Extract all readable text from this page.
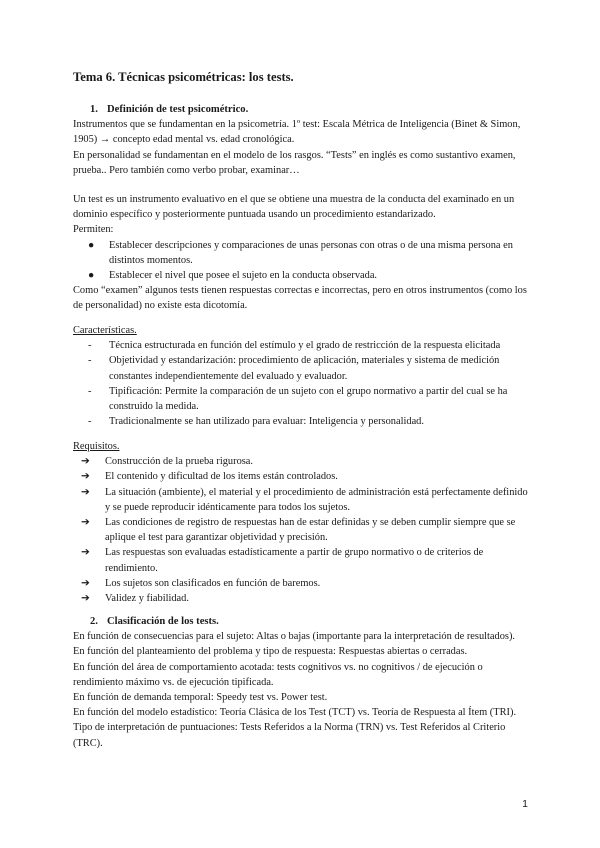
Tema 6. Técnicas psicométricas: los tests.

1. Definición de test psicométrico.

Instrumentos que se fundamentan en la psicometría. 1º test: Escala Métrica de Inteligencia (Binet & Simon, 1905) → concepto edad mental vs. edad cronológica.

En personalidad se fundamentan en el modelo de los rasgos. “Tests” en inglés es como sustantivo examen, prueba.. Pero también como verbo probar, examinar…

Un test es un instrumento evaluativo en el que se obtiene una muestra de la conducta del examinado en un dominio específico y posteriormente puntuada usando un procedimiento estandarizado.

Permiten:

● Establecer descripciones y comparaciones de unas personas con otras o de una misma persona en distintos momentos.
● Establecer el nivel que posee el sujeto en la conducta observada.

Como “examen” algunos tests tienen respuestas correctas e incorrectas, pero en otros instrumentos (como los de personalidad) no existe esta dicotomía.

Características.

- Técnica estructurada en función del estímulo y el grado de restricción de la respuesta elicitada
- Objetividad y estandarización: procedimiento de aplicación, materiales y sistema de medición constantes independientemente del evaluado y evaluador.
- Tipificación: Permite la comparación de un sujeto con el grupo normativo a partir del cual se ha construido la medida.
- Tradicionalmente se han utilizado para evaluar: Inteligencia y personalidad.

Requisitos.

➔ Construcción de la prueba rigurosa.
➔ El contenido y dificultad de los items están controlados.
➔ La situación (ambiente), el material y el procedimiento de administración está perfectamente definido y se puede reproducir idénticamente para todos los sujetos.
➔ Las condiciones de registro de respuestas han de estar definidas y se deben cumplir siempre que se aplique el test para garantizar objetividad y precisión.
➔ Las respuestas son evaluadas estadísticamente a partir de grupo normativo o de criterios de rendimiento.
➔ Los sujetos son clasificados en función de baremos.
➔ Validez y fiabilidad.

2. Clasificación de los tests.

En función de consecuencias para el sujeto: Altas o bajas (importante para la interpretación de resultados).

En función del planteamiento del problema y tipo de respuesta: Respuestas abiertas o cerradas.

En función del área de comportamiento acotada: tests cognitivos vs. no cognitivos / de ejecución o rendimiento máximo vs. de ejecución tipificada.

En función de demanda temporal: Speedy test vs. Power test.

En función del modelo estadístico: Teoría Clásica de los Test (TCT) vs. Teoría de Respuesta al Ítem (TRI).

Tipo de interpretación de puntuaciones: Tests Referidos a la Norma (TRN) vs. Test Referidos al Criterio (TRC).

1
